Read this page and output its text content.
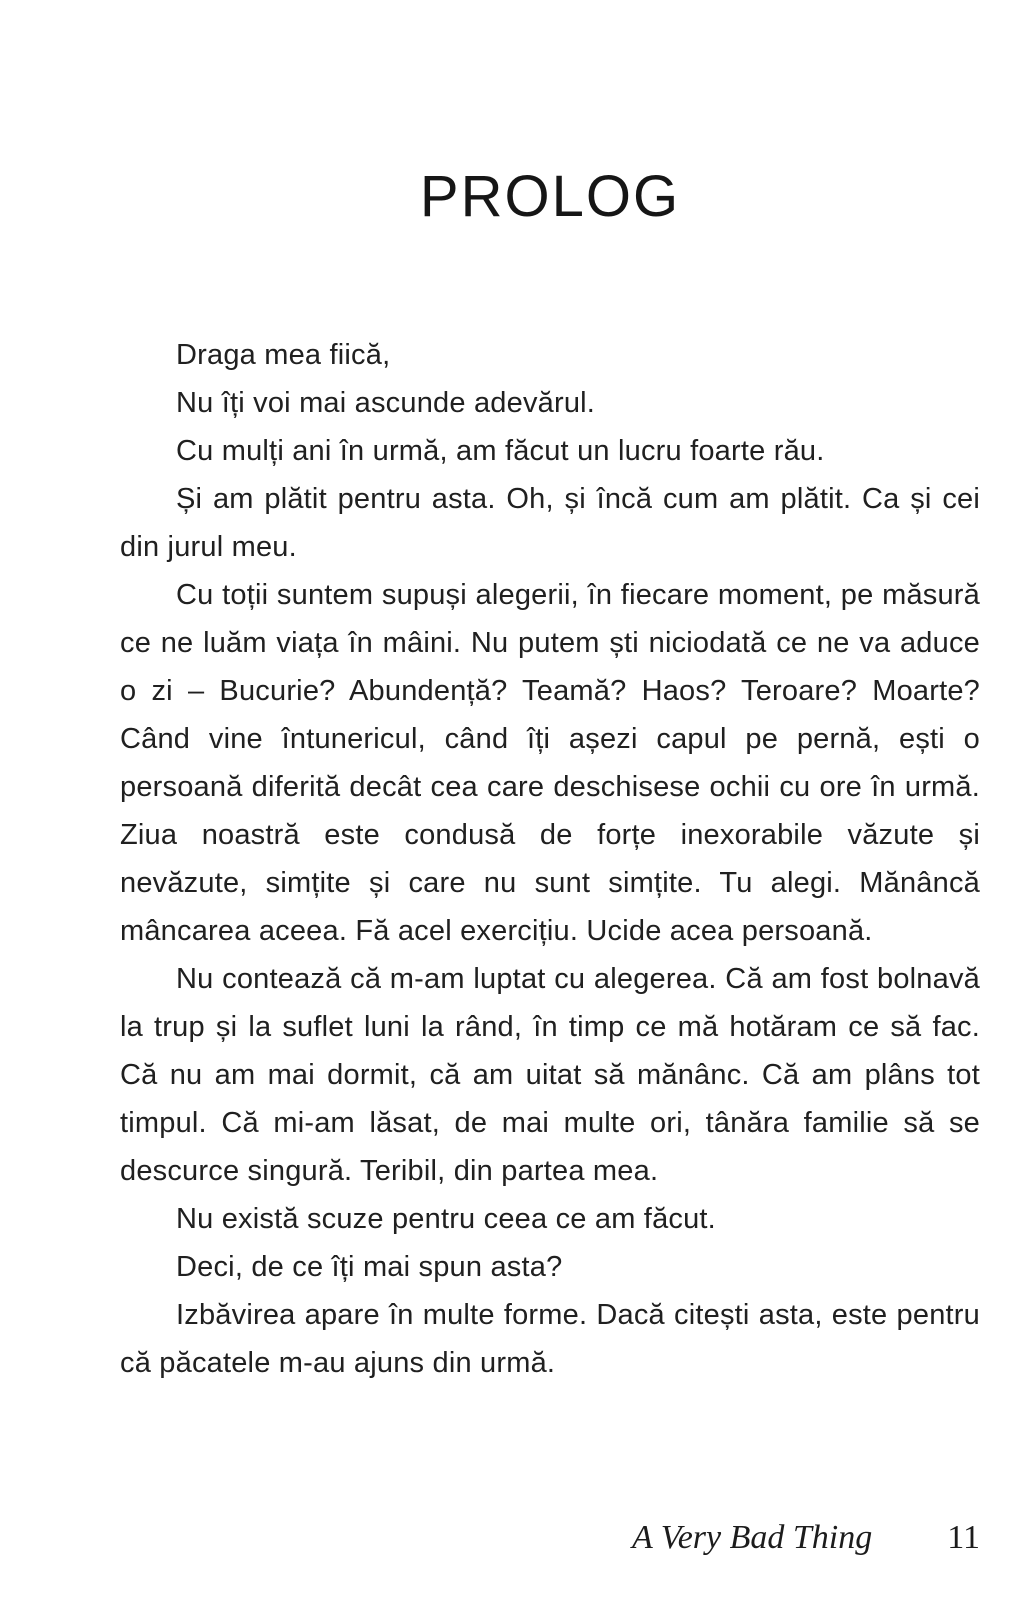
PROLOG

Draga mea fiică,

Nu îți voi mai ascunde adevărul.

Cu mulți ani în urmă, am făcut un lucru foarte rău.

Și am plătit pentru asta. Oh, și încă cum am plătit. Ca și cei din jurul meu.

Cu toții suntem supuși alegerii, în fiecare moment, pe măsură ce ne luăm viața în mâini. Nu putem ști niciodată ce ne va aduce o zi – Bucurie? Abundență? Teamă? Haos? Teroare? Moarte? Când vine întunericul, când îți așezi capul pe pernă, ești o persoană diferită decât cea care deschisese ochii cu ore în urmă. Ziua noastră este condusă de forțe inexorabile văzute și nevăzute, simțite și care nu sunt simțite. Tu alegi. Mănâncă mâncarea aceea. Fă acel exercițiu. Ucide acea persoană.

Nu contează că m-am luptat cu alegerea. Că am fost bolnavă la trup și la suflet luni la rând, în timp ce mă hotăram ce să fac. Că nu am mai dormit, că am uitat să mănânc. Că am plâns tot timpul. Că mi-am lăsat, de mai multe ori, tânăra familie să se descurce singură. Teribil, din partea mea.

Nu există scuze pentru ceea ce am făcut.

Deci, de ce îți mai spun asta?

Izbăvirea apare în multe forme. Dacă citești asta, este pentru că păcatele m-au ajuns din urmă.

A Very Bad Thing 11
